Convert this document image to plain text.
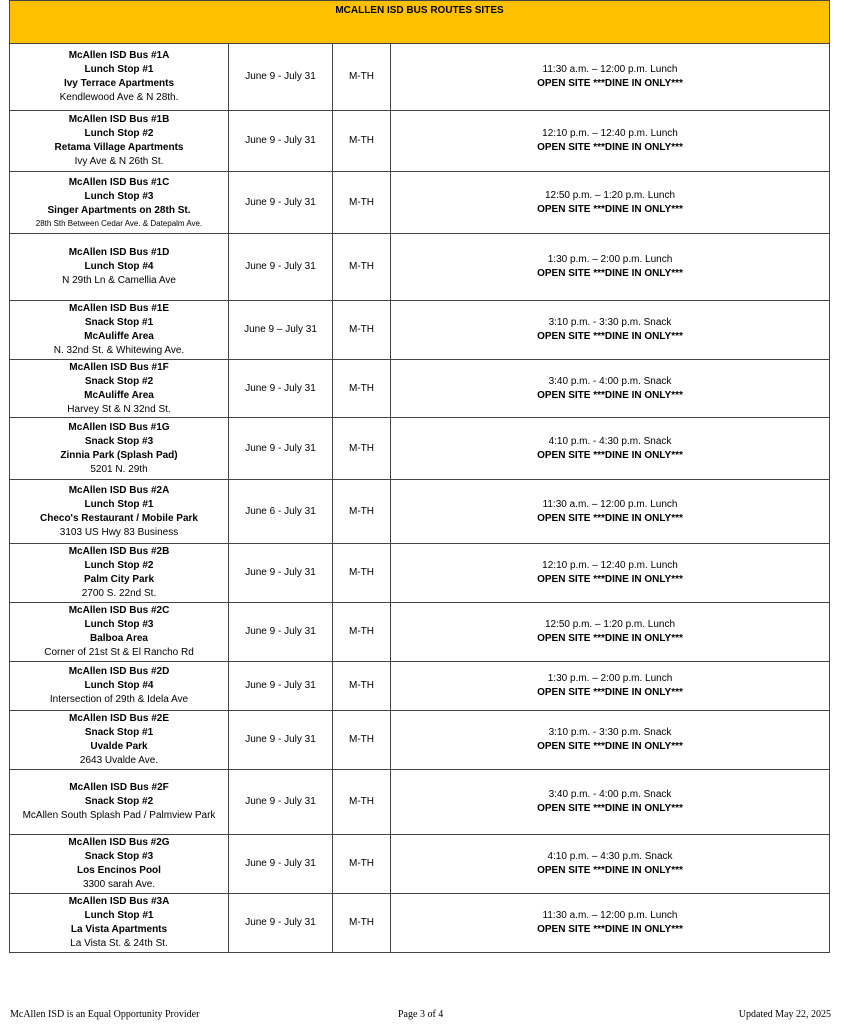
MCALLEN ISD BUS ROUTES SITES			

McAllen ISD Bus #1A
Lunch Stop #1
Ivy Terrace Apartments
Kendlewood Ave & N 28th.	June 9 - July 31	M-TH	11:30 a.m. – 12:00 p.m. Lunch
OPEN SITE ***DINE IN ONLY***

McAllen ISD Bus #1B
Lunch Stop #2
Retama Village Apartments
Ivy Ave & N 26th St.	June 9 - July 31	M-TH	12:10 p.m. – 12:40 p.m. Lunch
OPEN SITE ***DINE IN ONLY***

McAllen ISD Bus #1C
Lunch Stop #3
Singer Apartments on 28th St.
28th Sth Between Cedar Ave. & Datepalm Ave.	June 9 - July 31	M-TH	12:50 p.m. – 1:20 p.m. Lunch
OPEN SITE ***DINE IN ONLY***

McAllen ISD Bus #1D
Lunch Stop #4
N 29th Ln & Camellia Ave	June 9 - July 31	M-TH	1:30 p.m. – 2:00 p.m. Lunch
OPEN SITE ***DINE IN ONLY***

McAllen ISD Bus #1E
Snack Stop #1
McAuliffe Area
N. 32nd St. & Whitewing Ave.	June 9 – July 31	M-TH	3:10 p.m. - 3:30 p.m. Snack
OPEN SITE ***DINE IN ONLY***

McAllen ISD Bus #1F
Snack Stop #2
McAuliffe Area
Harvey St & N 32nd St.	June 9 - July 31	M-TH	3:40 p.m. - 4:00 p.m. Snack
OPEN SITE ***DINE IN ONLY***

McAllen ISD Bus #1G
Snack Stop #3
Zinnia Park (Splash Pad)
5201 N. 29th	June 9 - July 31	M-TH	4:10 p.m. - 4:30 p.m. Snack
OPEN SITE ***DINE IN ONLY***

McAllen ISD Bus #2A
Lunch Stop #1
Checo's Restaurant / Mobile Park
3103 US Hwy 83 Business	June 6 - July 31	M-TH	11:30 a.m. – 12:00 p.m. Lunch
OPEN SITE ***DINE IN ONLY***

McAllen ISD Bus #2B
Lunch Stop #2
Palm City Park
2700 S. 22nd St.	June 9 - July 31	M-TH	12:10 p.m. – 12:40 p.m. Lunch
OPEN SITE ***DINE IN ONLY***

McAllen ISD Bus #2C
Lunch Stop #3
Balboa Area
Corner of 21st St & El Rancho Rd	June 9 - July 31	M-TH	12:50 p.m. – 1:20 p.m. Lunch
OPEN SITE ***DINE IN ONLY***

McAllen ISD Bus #2D
Lunch Stop #4
Intersection of 29th & Idela Ave	June 9 - July 31	M-TH	1:30 p.m. – 2:00 p.m. Lunch
OPEN SITE ***DINE IN ONLY***

McAllen ISD Bus #2E
Snack Stop #1
Uvalde Park
2643 Uvalde Ave.	June 9 - July 31	M-TH	3:10 p.m. - 3:30 p.m. Snack
OPEN SITE ***DINE IN ONLY***

McAllen ISD Bus #2F
Snack Stop #2
McAllen South Splash Pad / Palmview Park	June 9 - July 31	M-TH	3:40 p.m. - 4:00 p.m. Snack
OPEN SITE ***DINE IN ONLY***

McAllen ISD Bus #2G
Snack Stop #3
Los Encinos Pool
3300 sarah Ave.	June 9 - July 31	M-TH	4:10 p.m. – 4:30 p.m. Snack
OPEN SITE ***DINE IN ONLY***

McAllen ISD Bus #3A
Lunch Stop #1
La Vista Apartments
La Vista St. & 24th St.	June 9 - July 31	M-TH	11:30 a.m. – 12:00 p.m. Lunch
OPEN SITE ***DINE IN ONLY***
McAllen ISD is an Equal Opportunity Provider	Page 3 of 4	Updated May 22, 2025
